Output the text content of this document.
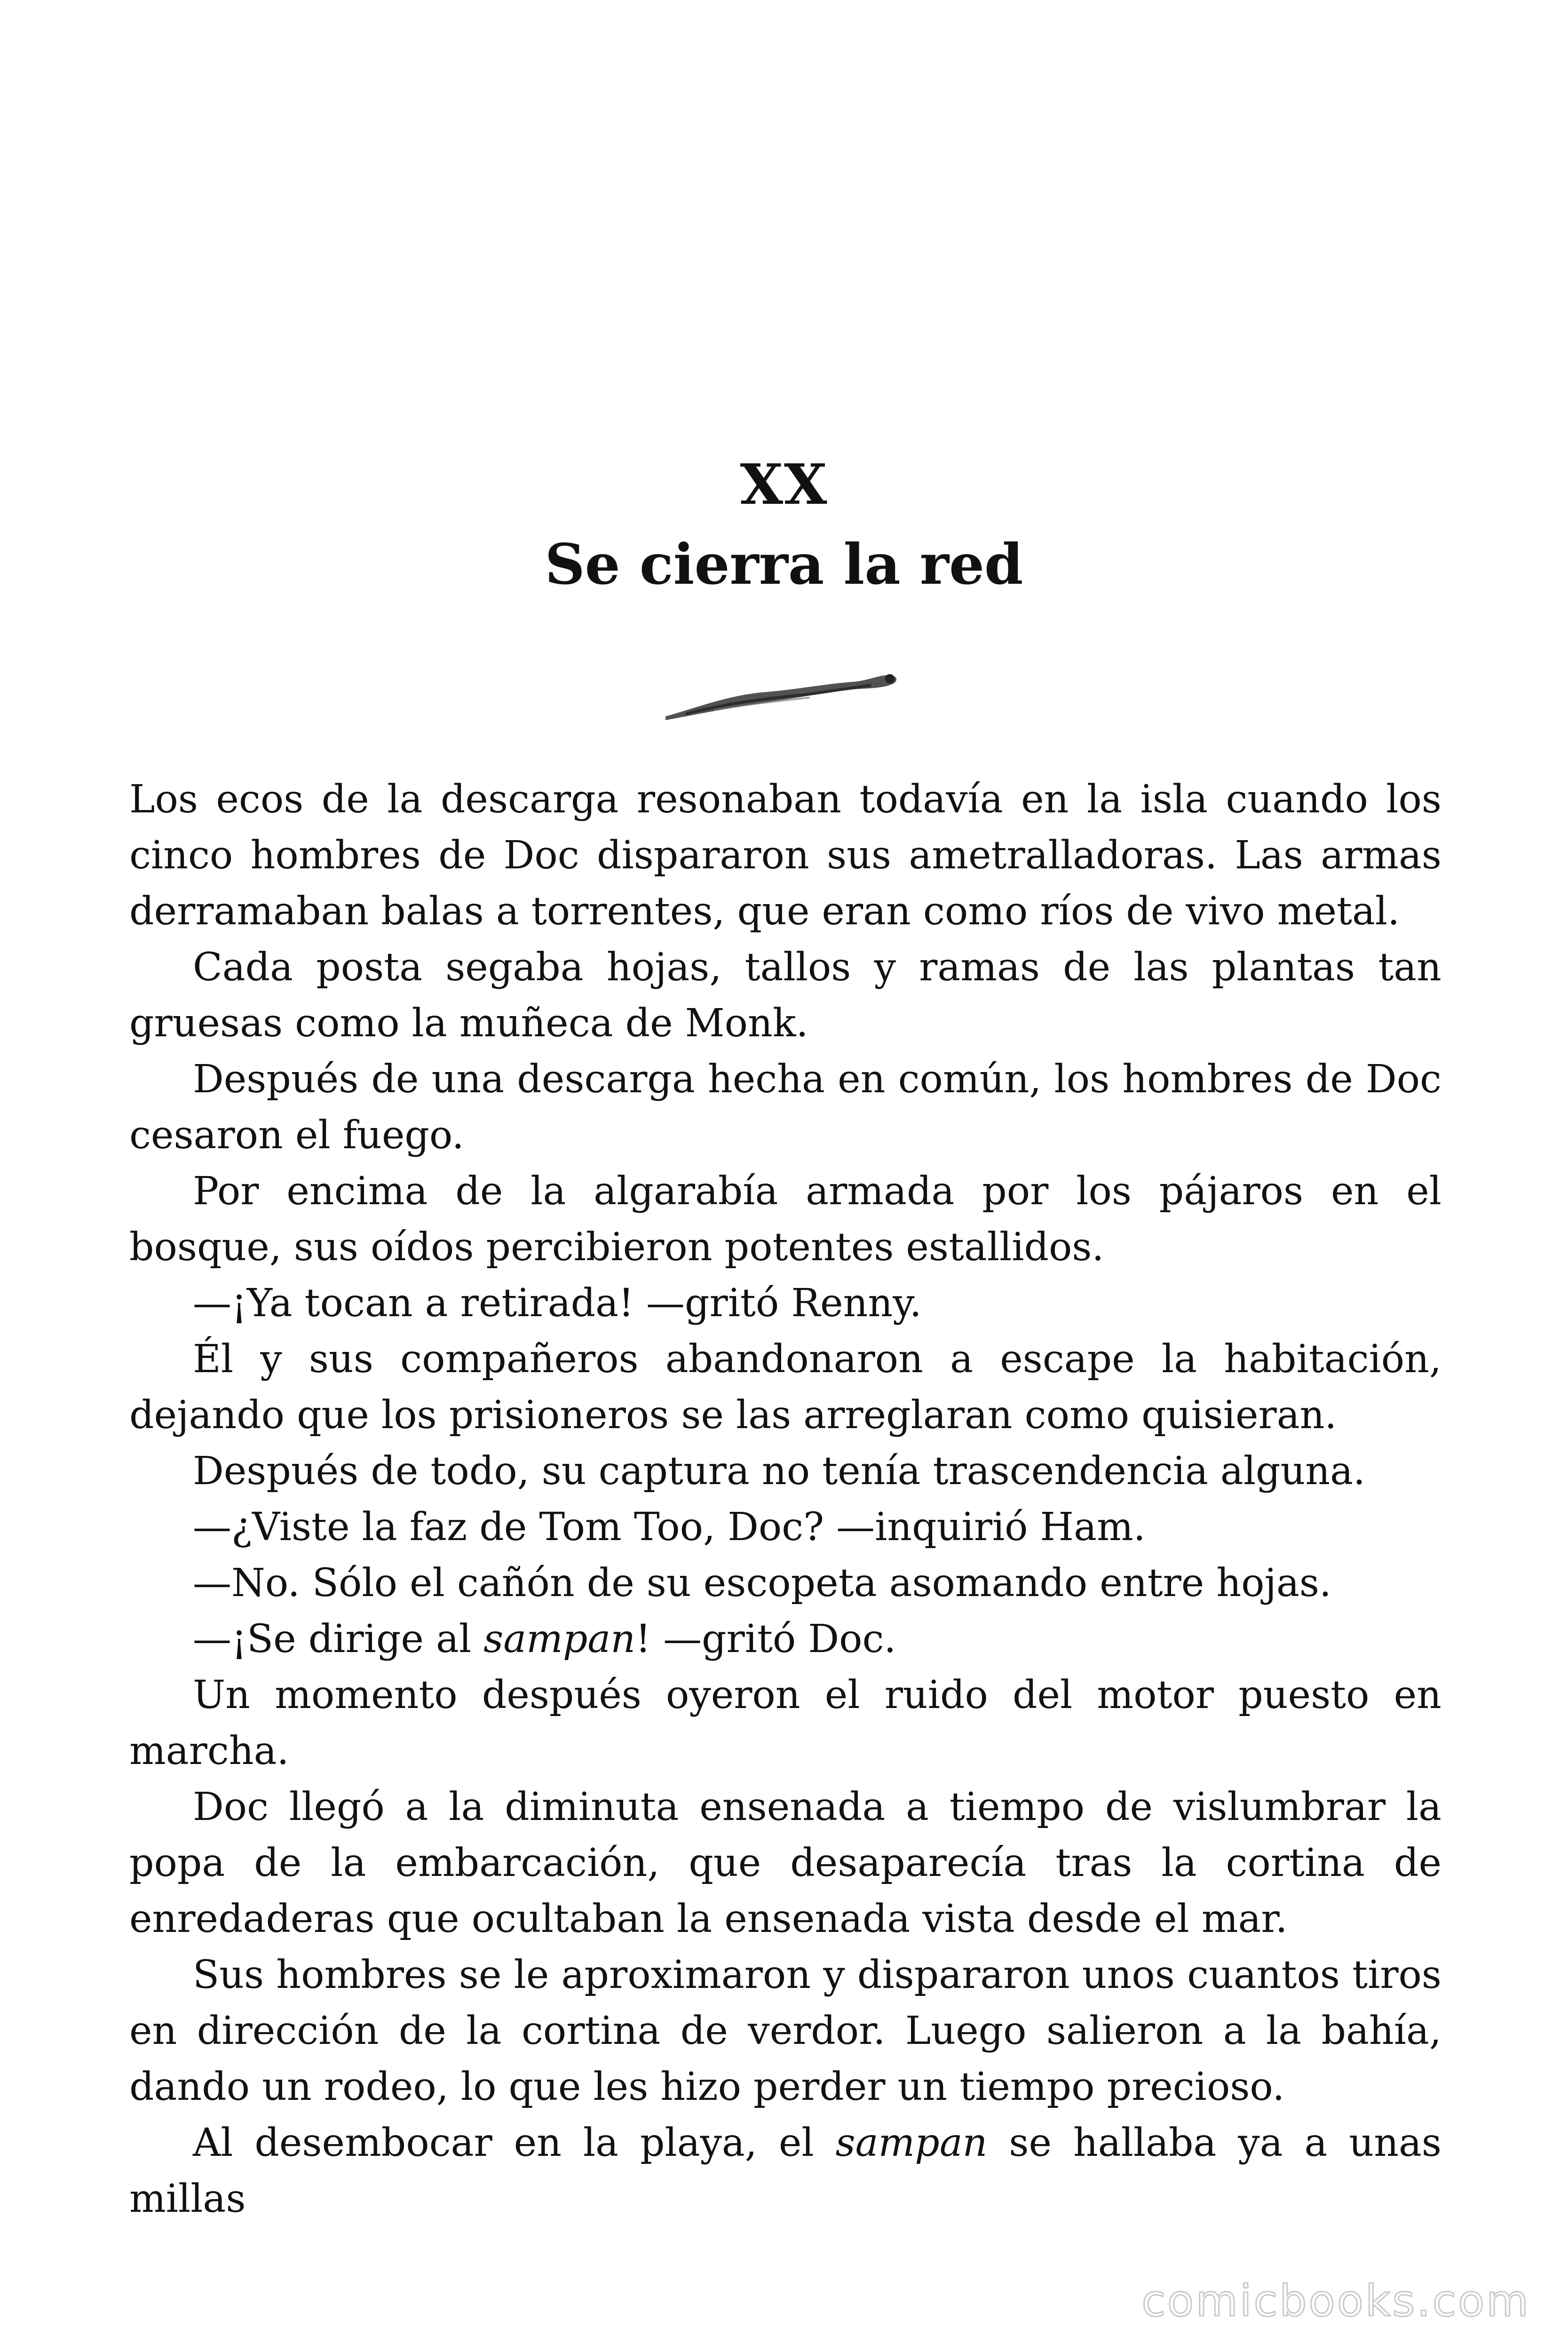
XX
Se cierra la red

Los ecos de la descarga resonaban todavía en la isla cuando los cinco hombres de Doc dispararon sus ametralladoras. Las armas derramaban balas a torrentes, que eran como ríos de vivo metal.

Cada posta segaba hojas, tallos y ramas de las plantas tan gruesas como la muñeca de Monk.

Después de una descarga hecha en común, los hombres de Doc cesaron el fuego.

Por encima de la algarabía armada por los pájaros en el bosque, sus oídos percibieron potentes estallidos.

—¡Ya tocan a retirada! —gritó Renny.

Él y sus compañeros abandonaron a escape la habitación, dejando que los prisioneros se las arreglaran como quisieran.

Después de todo, su captura no tenía trascendencia alguna.

—¿Viste la faz de Tom Too, Doc? —inquirió Ham.

—No. Sólo el cañón de su escopeta asomando entre hojas.

—¡Se dirige al sampan! —gritó Doc.

Un momento después oyeron el ruido del motor puesto en marcha.

Doc llegó a la diminuta ensenada a tiempo de vislumbrar la popa de la embarcación, que desaparecía tras la cortina de enredaderas que ocultaban la ensenada vista desde el mar.

Sus hombres se le aproximaron y dispararon unos cuantos tiros en dirección de la cortina de verdor. Luego salieron a la bahía, dando un rodeo, lo que les hizo perder un tiempo precioso.

Al desembocar en la playa, el sampan se hallaba ya a unas millas

comicbooks.com
